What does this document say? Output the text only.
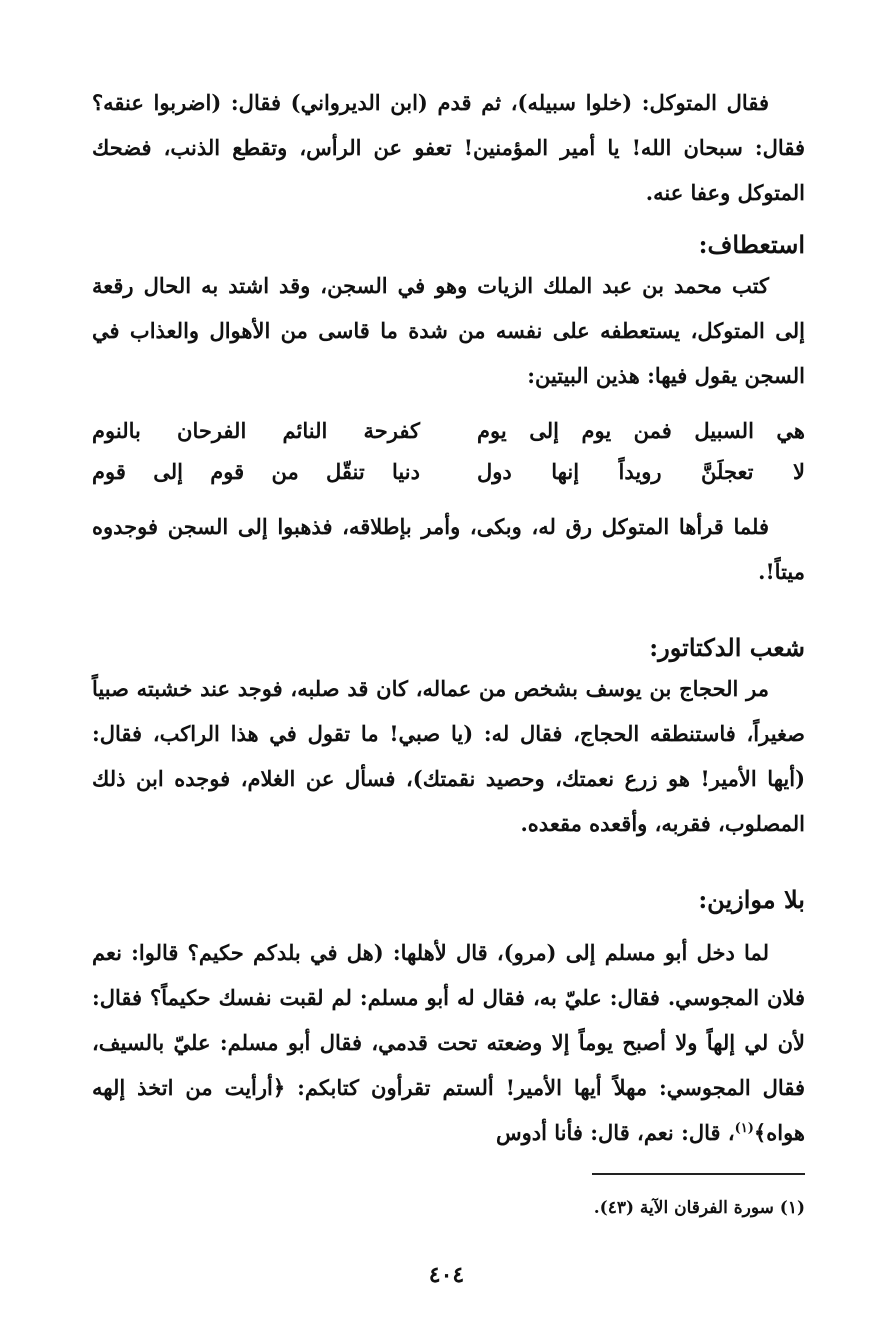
فقال المتوكل: (خلوا سبيله)، ثم قدم (ابن الديرواني) فقال: (اضربوا عنقه؟ فقال: سبحان الله! يا أمير المؤمنين! تعفو عن الرأس، وتقطع الذنب، فضحك المتوكل وعفا عنه.

استعطاف:

كتب محمد بن عبد الملك الزيات وهو في السجن، وقد اشتد به الحال رقعة إلى المتوكل، يستعطفه على نفسه من شدة ما قاسى من الأهوال والعذاب في السجن يقول فيها: هذين البيتين:

هي السبيل فمن يوم إلى يوم
كفرحة النائم الفرحان بالنوم
لا تعجلَنَّ رويداً إنها دول
دنيا تنقّل من قوم إلى قوم

فلما قرأها المتوكل رق له، وبكى، وأمر بإطلاقه، فذهبوا إلى السجن فوجدوه ميتاً!.

شعب الدكتاتور:

مر الحجاج بن يوسف بشخص من عماله، كان قد صلبه، فوجد عند خشبته صبياً صغيراً، فاستنطقه الحجاج، فقال له: (يا صبي! ما تقول في هذا الراكب، فقال: (أيها الأمير! هو زرع نعمتك، وحصيد نقمتك)، فسأل عن الغلام، فوجده ابن ذلك المصلوب، فقربه، وأقعده مقعده.

بلا موازين:

لما دخل أبو مسلم إلى (مرو)، قال لأهلها: (هل في بلدكم حكيم؟ قالوا: نعم فلان المجوسي. فقال: عليّ به، فقال له أبو مسلم: لم لقبت نفسك حكيماً؟ فقال: لأن لي إلهاً ولا أصبح يوماً إلا وضعته تحت قدمي، فقال أبو مسلم: عليّ بالسيف، فقال المجوسي: مهلاً أيها الأمير! ألستم تقرأون كتابكم: ﴿أرأيت من اتخذ إلهه هواه﴾$^{(١)}$، قال: نعم، قال: فأنا أدوس

(١) سورة الفرقان الآية (٤٣).
٤٠٤
